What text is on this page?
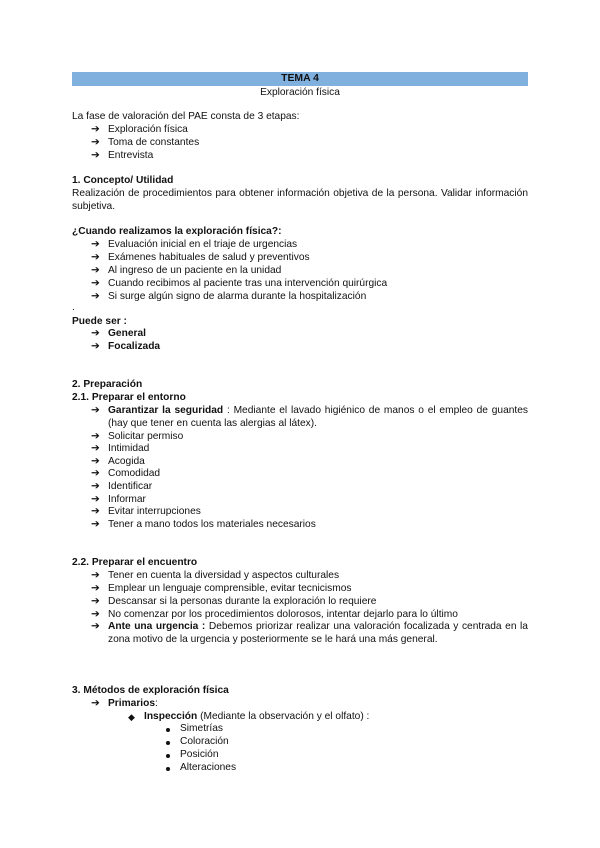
TEMA 4
Exploración física
La fase de valoración del PAE consta de 3 etapas:
➔ Exploración física
➔ Toma de constantes
➔ Entrevista
1. Concepto/ Utilidad
Realización de procedimientos para obtener información objetiva de la persona. Validar información subjetiva.
¿Cuando realizamos la exploración física?:
➔ Evaluación inicial en el triaje de urgencias
➔ Exámenes habituales de salud y preventivos
➔ Al ingreso de un paciente en la unidad
➔ Cuando recibimos al paciente tras una intervención quirúrgica
➔ Si surge algún signo de alarma durante la hospitalización
.
Puede ser :
➔ General
➔ Focalizada
2. Preparación
2.1. Preparar el entorno
➔ Garantizar la seguridad : Mediante el lavado higiénico de manos o el empleo de guantes (hay que tener en cuenta las alergias al látex).
➔ Solicitar permiso
➔ Intimidad
➔ Acogida
➔ Comodidad
➔ Identificar
➔ Informar
➔ Evitar interrupciones
➔ Tener a mano todos los materiales necesarios
2.2. Preparar el encuentro
➔ Tener en cuenta la diversidad y aspectos culturales
➔ Emplear un lenguaje comprensible, evitar tecnicismos
➔ Descansar si la personas durante la exploración lo requiere
➔ No comenzar por los procedimientos dolorosos, intentar dejarlo para lo último
➔ Ante una urgencia : Debemos priorizar realizar una valoración focalizada y centrada en la zona motivo de la urgencia y posteriormente se le hará una más general.
3. Métodos de exploración física
➔ Primarios:
◆ Inspección (Mediante la observación y el olfato) :
Simetrías
Coloración
Posición
Alteraciones
